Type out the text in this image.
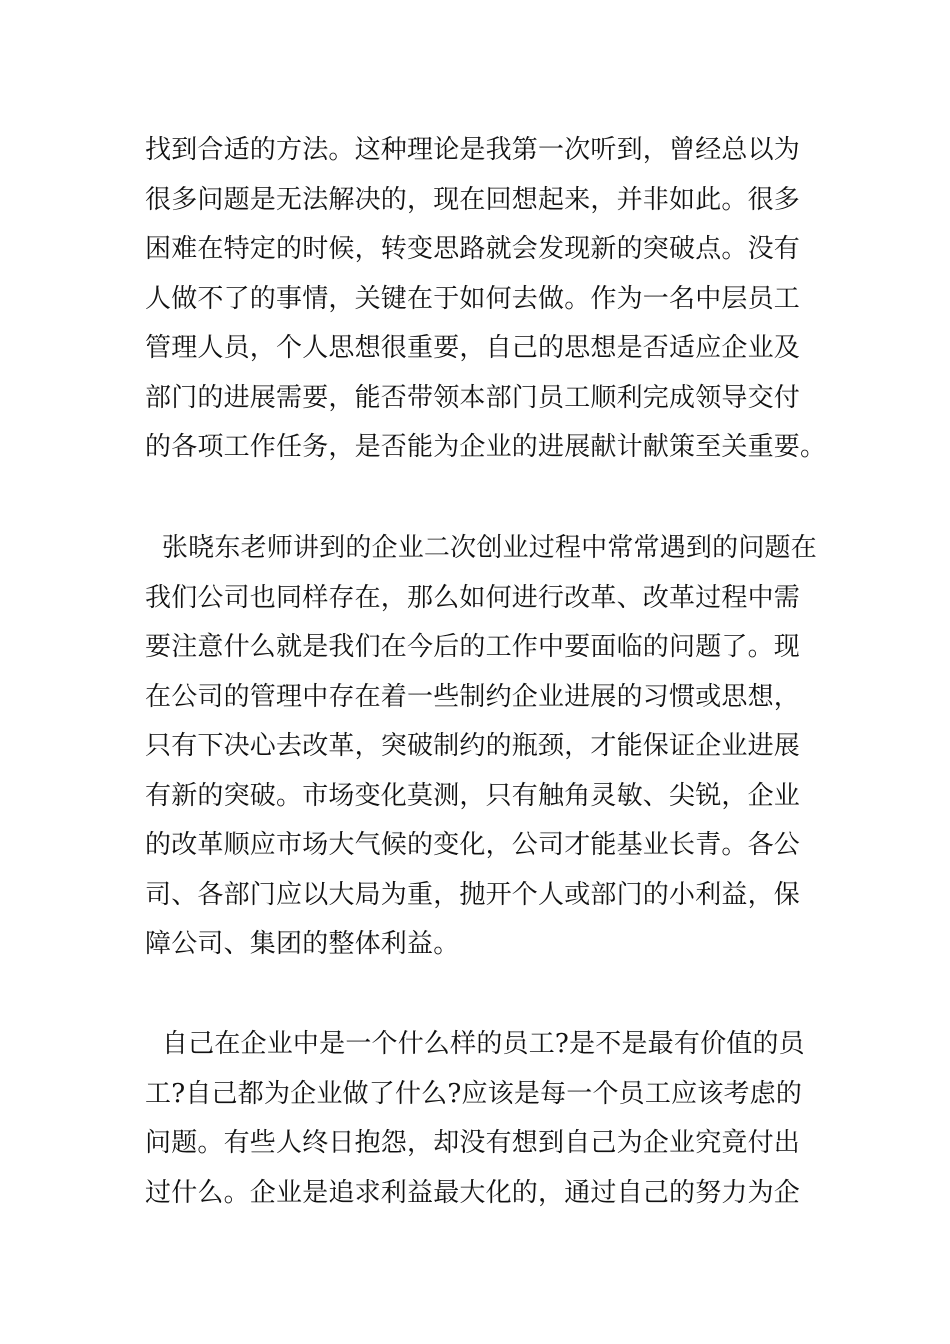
找到合适的方法。这种理论是我第一次听到，曾经总以为
很多问题是无法解决的，现在回想起来，并非如此。很多
困难在特定的时候，转变思路就会发现新的突破点。没有
人做不了的事情，关键在于如何去做。作为一名中层员工
管理人员，个人思想很重要，自己的思想是否适应企业及
部门的进展需要，能否带领本部门员工顺利完成领导交付
的各项工作任务，是否能为企业的进展献计献策至关重要。
张晓东老师讲到的企业二次创业过程中常常遇到的问题在
我们公司也同样存在，那么如何进行改革、改革过程中需
要注意什么就是我们在今后的工作中要面临的问题了。现
在公司的管理中存在着一些制约企业进展的习惯或思想，
只有下决心去改革，突破制约的瓶颈，才能保证企业进展
有新的突破。市场变化莫测，只有触角灵敏、尖锐，企业
的改革顺应市场大气候的变化，公司才能基业长青。各公
司、各部门应以大局为重，抛开个人或部门的小利益，保
障公司、集团的整体利益。
自己在企业中是一个什么样的员工?是不是最有价值的员
工?自己都为企业做了什么?应该是每一个员工应该考虑的
问题。有些人终日抱怨，却没有想到自己为企业究竟付出
过什么。企业是追求利益最大化的，通过自己的努力为企
